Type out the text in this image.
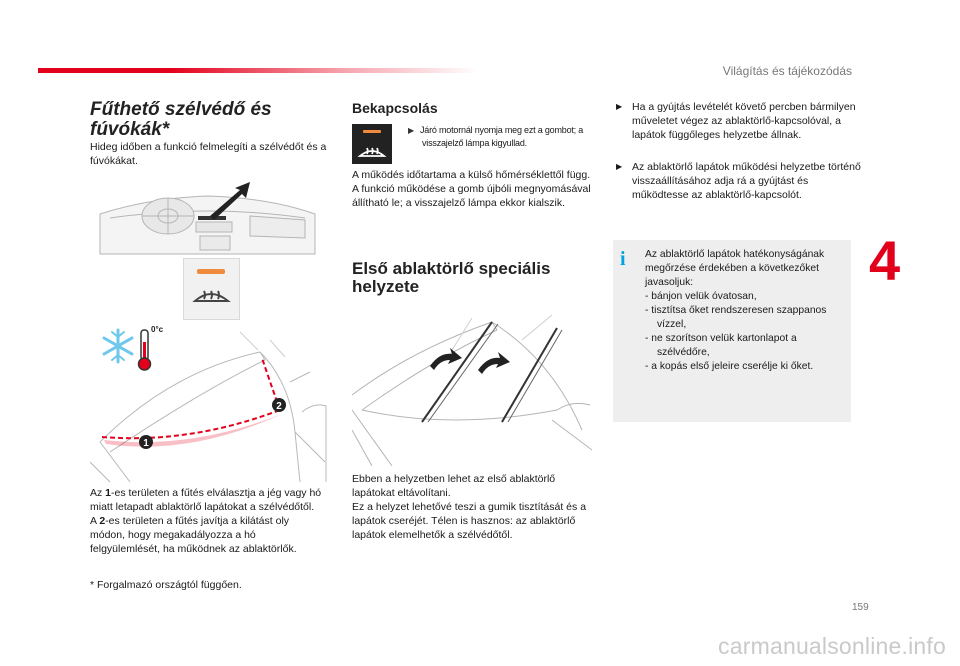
Világítás és tájékozódás
4
Fűthető szélvédő és
fúvókák*

Hideg időben a funkció felmelegíti a szélvédőt és a fúvókákat.

1
2
0°c

Az 1-es területen a fűtés elválasztja a jég vagy hó miatt letapadt ablaktörlő lapátokat a szélvédőtől.
A 2-es területen a fűtés javítja a kilátást oly módon, hogy megakadályozza a hó felgyülemlését, ha működnek az ablaktörlők.

* Forgalmazó országtól függően.

Bekapcsolás

▶ Járó motornál nyomja meg ezt a gombot; a visszajelző lámpa kigyullad.

A működés időtartama a külső hőmérséklettől függ.
A funkció működése a gomb újbóli megnyomásával állítható le; a visszajelző lámpa ekkor kialszik.

Első ablaktörlő speciális
helyzete

Ebben a helyzetben lehet az első ablaktörlő lapátokat eltávolítani.
Ez a helyzet lehetővé teszi a gumik tisztítását és a lapátok cseréjét. Télen is hasznos: az ablaktörlő lapátok elemelhetők a szélvédőtől.

▶ Ha a gyújtás levételét követő percben bármilyen műveletet végez az ablaktörlő-kapcsolóval, a lapátok függőleges helyzetbe állnak.
▶ Az ablaktörlő lapátok működési helyzetbe történő visszaállításához adja rá a gyújtást és működtesse az ablaktörlő-kapcsolót.
i	Az ablaktörlő lapátok hatékonyságának megőrzése érdekében a következőket javasoljuk:
- bánjon velük óvatosan,
- tisztítsa őket rendszeresen szappanos vízzel,
- ne szorítson velük kartonlapot a szélvédőre,
- a kopás első jeleire cserélje ki őket.
159
carmanualsonline.info
